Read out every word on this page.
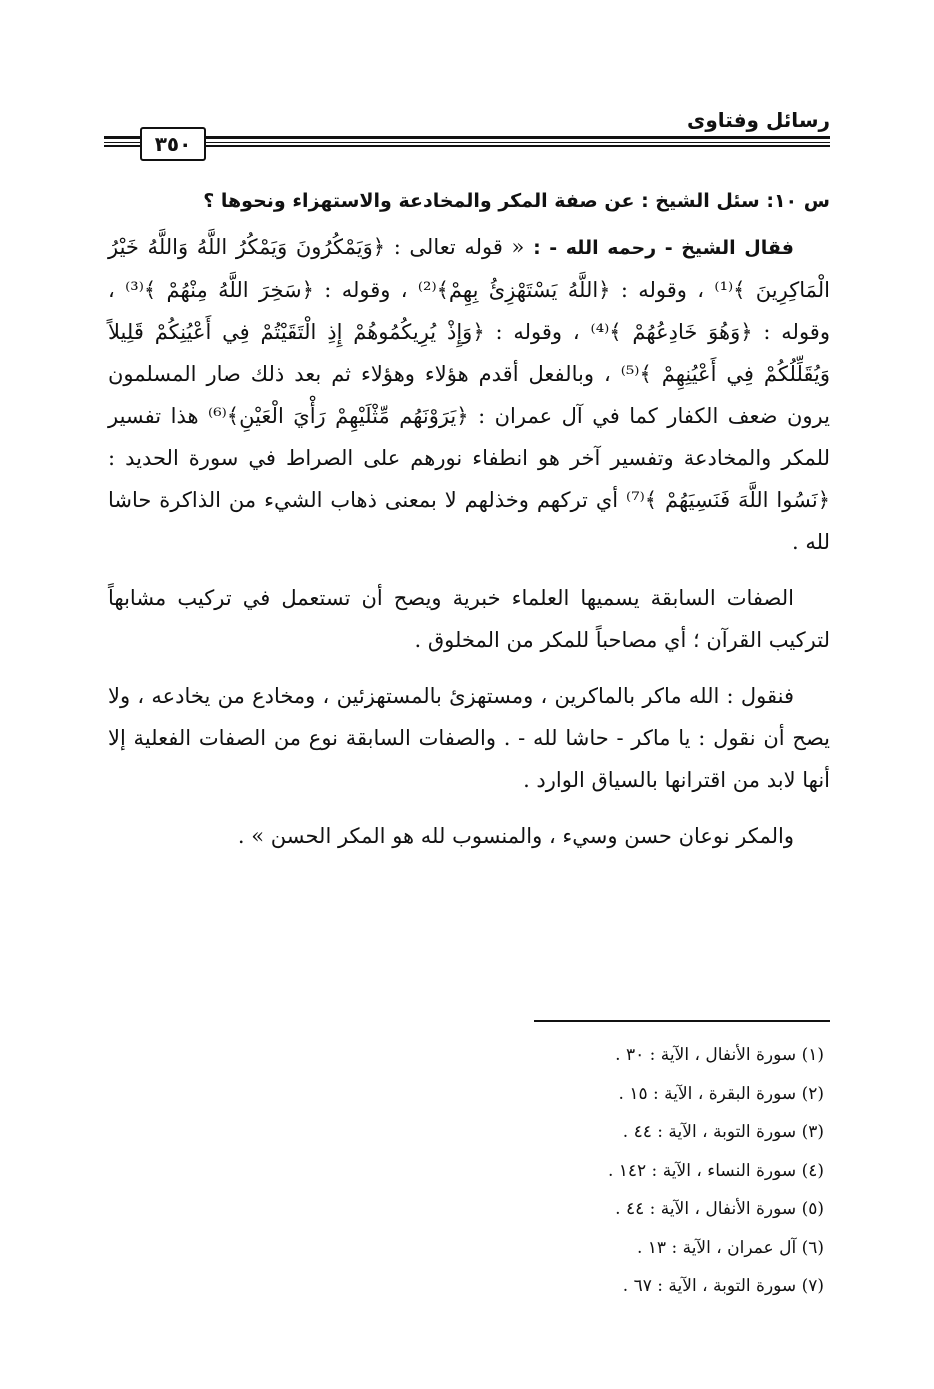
رسائل وفتاوى
٣٥٠

س ١٠: سئل الشيخ : عن صفة المكر والمخادعة والاستهزاء ونحوها ؟

فقال الشيخ - رحمه الله - : « قوله تعالى : ﴿وَيَمْكُرُونَ وَيَمْكُرُ اللَّهُ وَاللَّهُ خَيْرُ الْمَاكِرِينَ ﴾⁽¹⁾ ، وقوله : ﴿اللَّهُ يَسْتَهْزِئُ بِهِمْ﴾⁽²⁾ ، وقوله : ﴿سَخِرَ اللَّهُ مِنْهُمْ ﴾⁽³⁾ ، وقوله : ﴿وَهُوَ خَادِعُهُمْ ﴾⁽⁴⁾ ، وقوله : ﴿وَإِذْ يُرِيكُمُوهُمْ إِذِ الْتَقَيْتُمْ فِي أَعْيُنِكُمْ قَلِيلاً وَيُقَلِّلُكُمْ فِي أَعْيُنِهِمْ ﴾⁽⁵⁾ ، وبالفعل أقدم هؤلاء وهؤلاء ثم بعد ذلك صار المسلمون يرون ضعف الكفار كما في آل عمران : ﴿يَرَوْنَهُم مِّثْلَيْهِمْ رَأْيَ الْعَيْنِ﴾⁽⁶⁾ هذا تفسير للمكر والمخادعة وتفسير آخر هو انطفاء نورهم على الصراط في سورة الحديد : ﴿نَسُوا اللَّهَ فَنَسِيَهُمْ ﴾⁽⁷⁾ أي تركهم وخذلهم لا بمعنى ذهاب الشيء من الذاكرة حاشا لله .

الصفات السابقة يسميها العلماء خبرية ويصح أن تستعمل في تركيب مشابهاً لتركيب القرآن ؛ أي مصاحباً للمكر من المخلوق .

فنقول : الله ماكر بالماكرين ، ومستهزئ بالمستهزئين ، ومخادع من يخادعه ، ولا يصح أن نقول : يا ماكر - حاشا لله - . والصفات السابقة نوع من الصفات الفعلية إلا أنها لابد من اقترانها بالسياق الوارد .

والمكر نوعان حسن وسيء ، والمنسوب لله هو المكر الحسن » .

(١) سورة الأنفال ، الآية : ٣٠ .
(٢) سورة البقرة ، الآية : ١٥ .
(٣) سورة التوبة ، الآية : ٤٤ .
(٤) سورة النساء ، الآية : ١٤٢ .
(٥) سورة الأنفال ، الآية : ٤٤ .
(٦) آل عمران ، الآية : ١٣ .
(٧) سورة التوبة ، الآية : ٦٧ .
